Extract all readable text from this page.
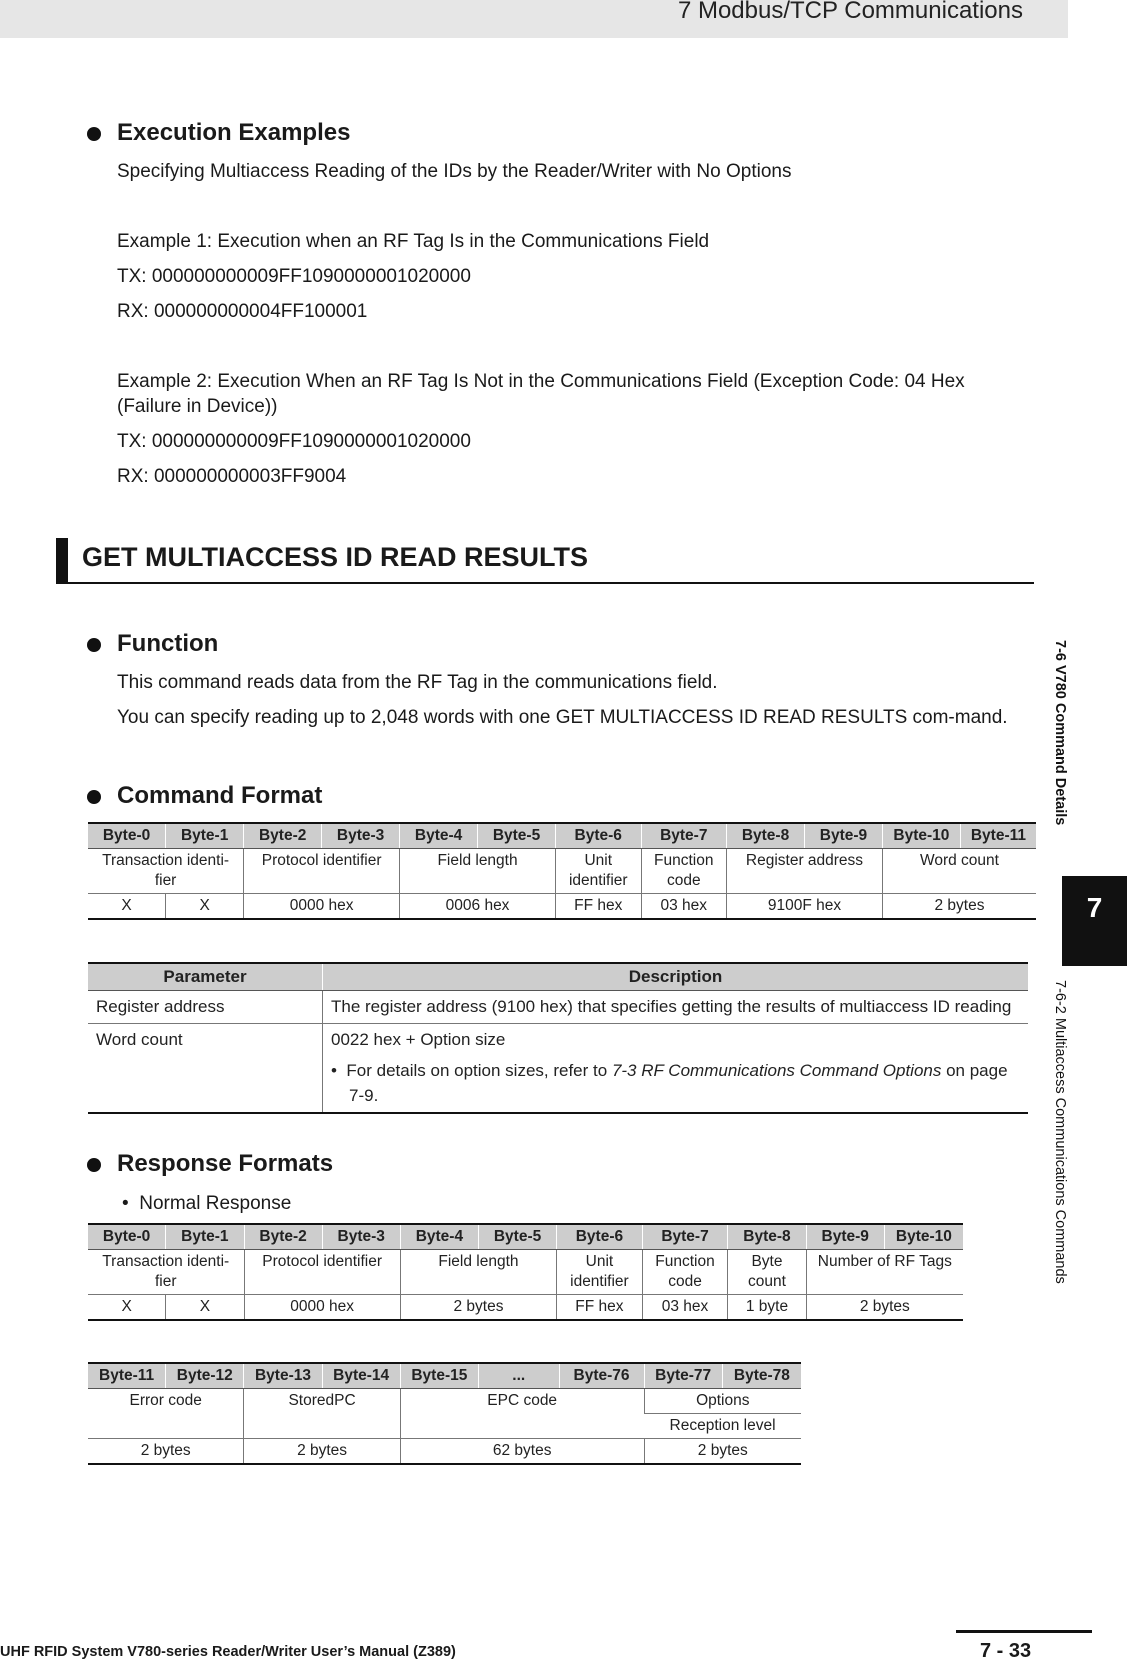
7 Modbus/TCP Communications
Execution Examples
Specifying Multiaccess Reading of the IDs by the Reader/Writer with No Options
Example 1: Execution when an RF Tag Is in the Communications Field
TX: 000000000009FF1090000001020000
RX: 000000000004FF100001
Example 2: Execution When an RF Tag Is Not in the Communications Field (Exception Code: 04 Hex (Failure in Device))
TX: 000000000009FF1090000001020000
RX: 000000000003FF9004
GET MULTIACCESS ID READ RESULTS
Function
This command reads data from the RF Tag in the communications field.
You can specify reading up to 2,048 words with one GET MULTIACCESS ID READ RESULTS com-mand.
Command Format
Byte-0	Byte-1	Byte-2	Byte-3	Byte-4	Byte-5	Byte-6	Byte-7	Byte-8	Byte-9	Byte-10	Byte-11
Transaction identi-fier		Protocol identifier		Field length		Unit identifier	Function code	Register address		Word count	
X	X	0000 hex		0006 hex		FF hex	03 hex	9100F hex		2 bytes	
Parameter	Description
Register address	The register address (9100 hex) that specifies getting the results of multiaccess ID reading
Word count	0022 hex + Option size
•  For details on option sizes, refer to 7-3 RF Communications Command Options on page 7-9.
Response Formats
•  Normal Response
Byte-0	Byte-1	Byte-2	Byte-3	Byte-4	Byte-5	Byte-6	Byte-7	Byte-8	Byte-9	Byte-10
Transaction identi-fier		Protocol identifier		Field length		Unit identifier	Function code	Byte count	Number of RF Tags	
X	X	0000 hex		2 bytes		FF hex	03 hex	1 byte	2 bytes	
Byte-11	Byte-12	Byte-13	Byte-14	Byte-15	...	Byte-76	Byte-77	Byte-78
Error code		StoredPC		EPC code			Options	
							Reception level	
2 bytes		2 bytes		62 bytes			2 bytes	
7-6 V780 Command Details
7
7-6-2 Multiaccess Communications Commands
UHF RFID System V780-series Reader/Writer User’s Manual (Z389)	7 - 33
